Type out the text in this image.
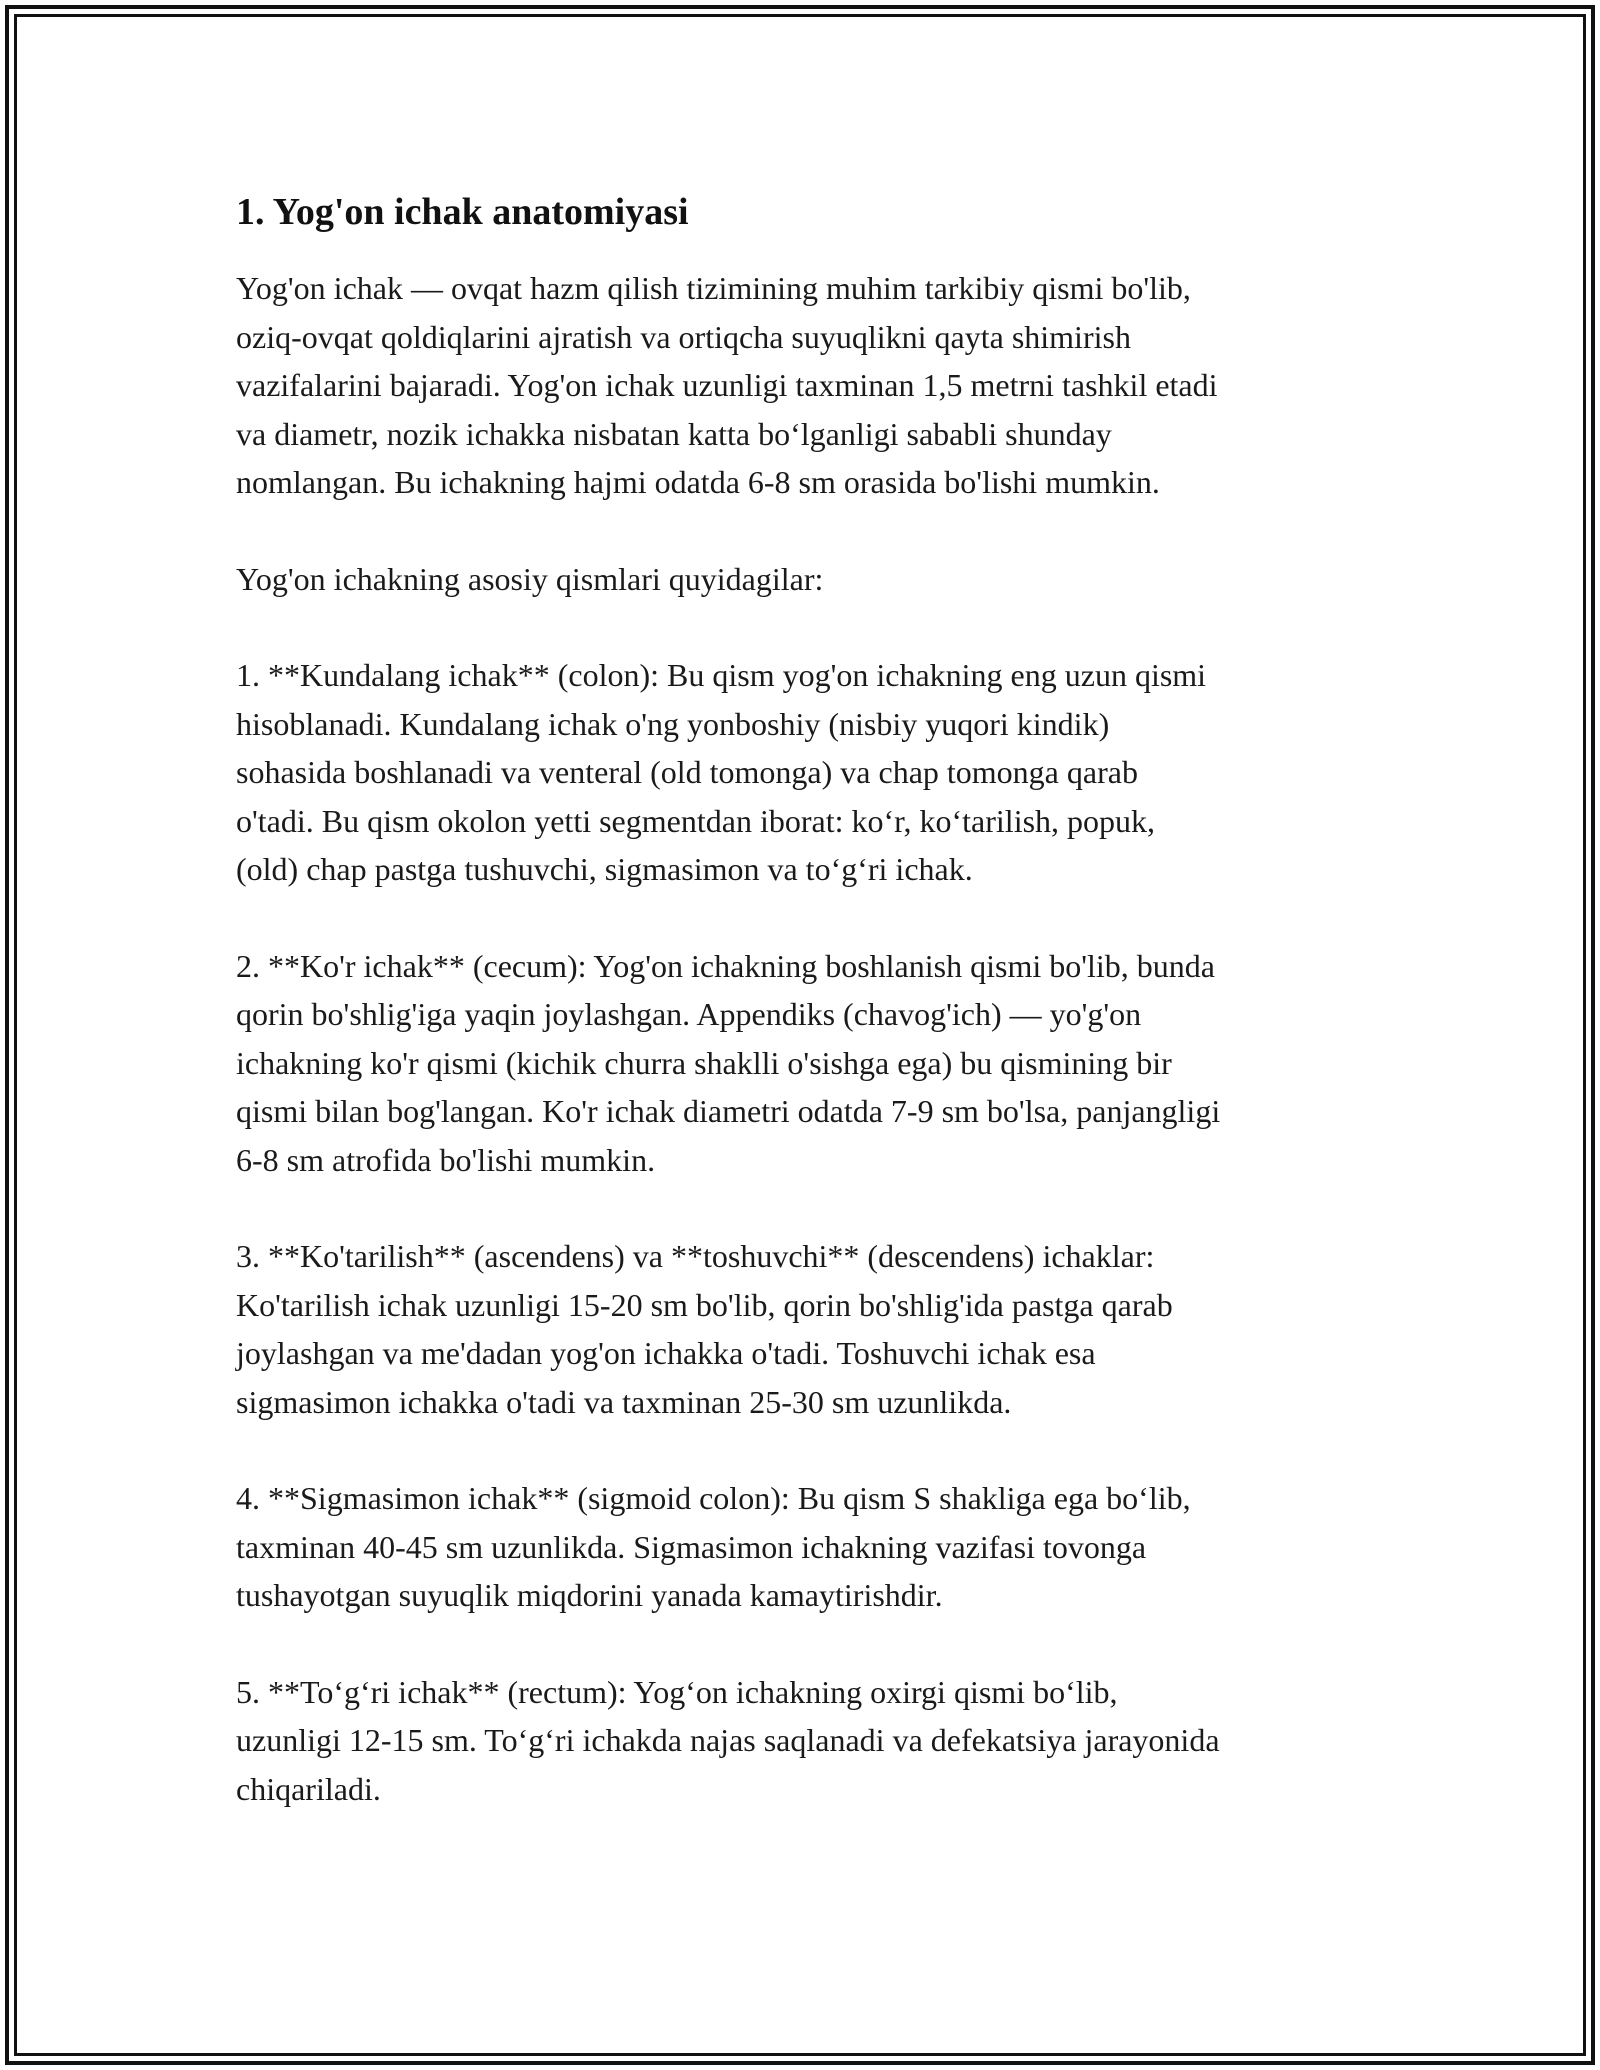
1. Yog'on ichak anatomiyasi

Yog'on ichak — ovqat hazm qilish tizimining muhim tarkibiy qismi bo'lib,
oziq-ovqat qoldiqlarini ajratish va ortiqcha suyuqlikni qayta shimirish
vazifalarini bajaradi. Yog'on ichak uzunligi taxminan 1,5 metrni tashkil etadi
va diametr, nozik ichakka nisbatan katta bo‘lganligi sababli shunday
nomlangan. Bu ichakning hajmi odatda 6-8 sm orasida bo'lishi mumkin.

Yog'on ichakning asosiy qismlari quyidagilar:

1. **Kundalang ichak** (colon): Bu qism yog'on ichakning eng uzun qismi
hisoblanadi. Kundalang ichak o'ng yonboshiy (nisbiy yuqori kindik)
sohasida boshlanadi va venteral (old tomonga) va chap tomonga qarab
o'tadi. Bu qism okolon yetti segmentdan iborat: ko‘r, ko‘tarilish, popuk,
(old) chap pastga tushuvchi, sigmasimon va to‘g‘ri ichak.

2. **Ko'r ichak** (cecum): Yog'on ichakning boshlanish qismi bo'lib, bunda
qorin bo'shlig'iga yaqin joylashgan. Appendiks (chavog'ich) — yo'g'on
ichakning ko'r qismi (kichik churra shaklli o'sishga ega) bu qismining bir
qismi bilan bog'langan. Ko'r ichak diametri odatda 7-9 sm bo'lsa, panjangligi
6-8 sm atrofida bo'lishi mumkin.

3. **Ko'tarilish** (ascendens) va **toshuvchi** (descendens) ichaklar:
Ko'tarilish ichak uzunligi 15-20 sm bo'lib, qorin bo'shlig'ida pastga qarab
joylashgan va me'dadan yog'on ichakka o'tadi. Toshuvchi ichak esa
sigmasimon ichakka o'tadi va taxminan 25-30 sm uzunlikda.

4. **Sigmasimon ichak** (sigmoid colon): Bu qism S shakliga ega bo‘lib,
taxminan 40-45 sm uzunlikda. Sigmasimon ichakning vazifasi tovonga
tushayotgan suyuqlik miqdorini yanada kamaytirishdir.

5. **To‘g‘ri ichak** (rectum): Yog‘on ichakning oxirgi qismi bo‘lib,
uzunligi 12-15 sm. To‘g‘ri ichakda najas saqlanadi va defekatsiya jarayonida
chiqariladi.
